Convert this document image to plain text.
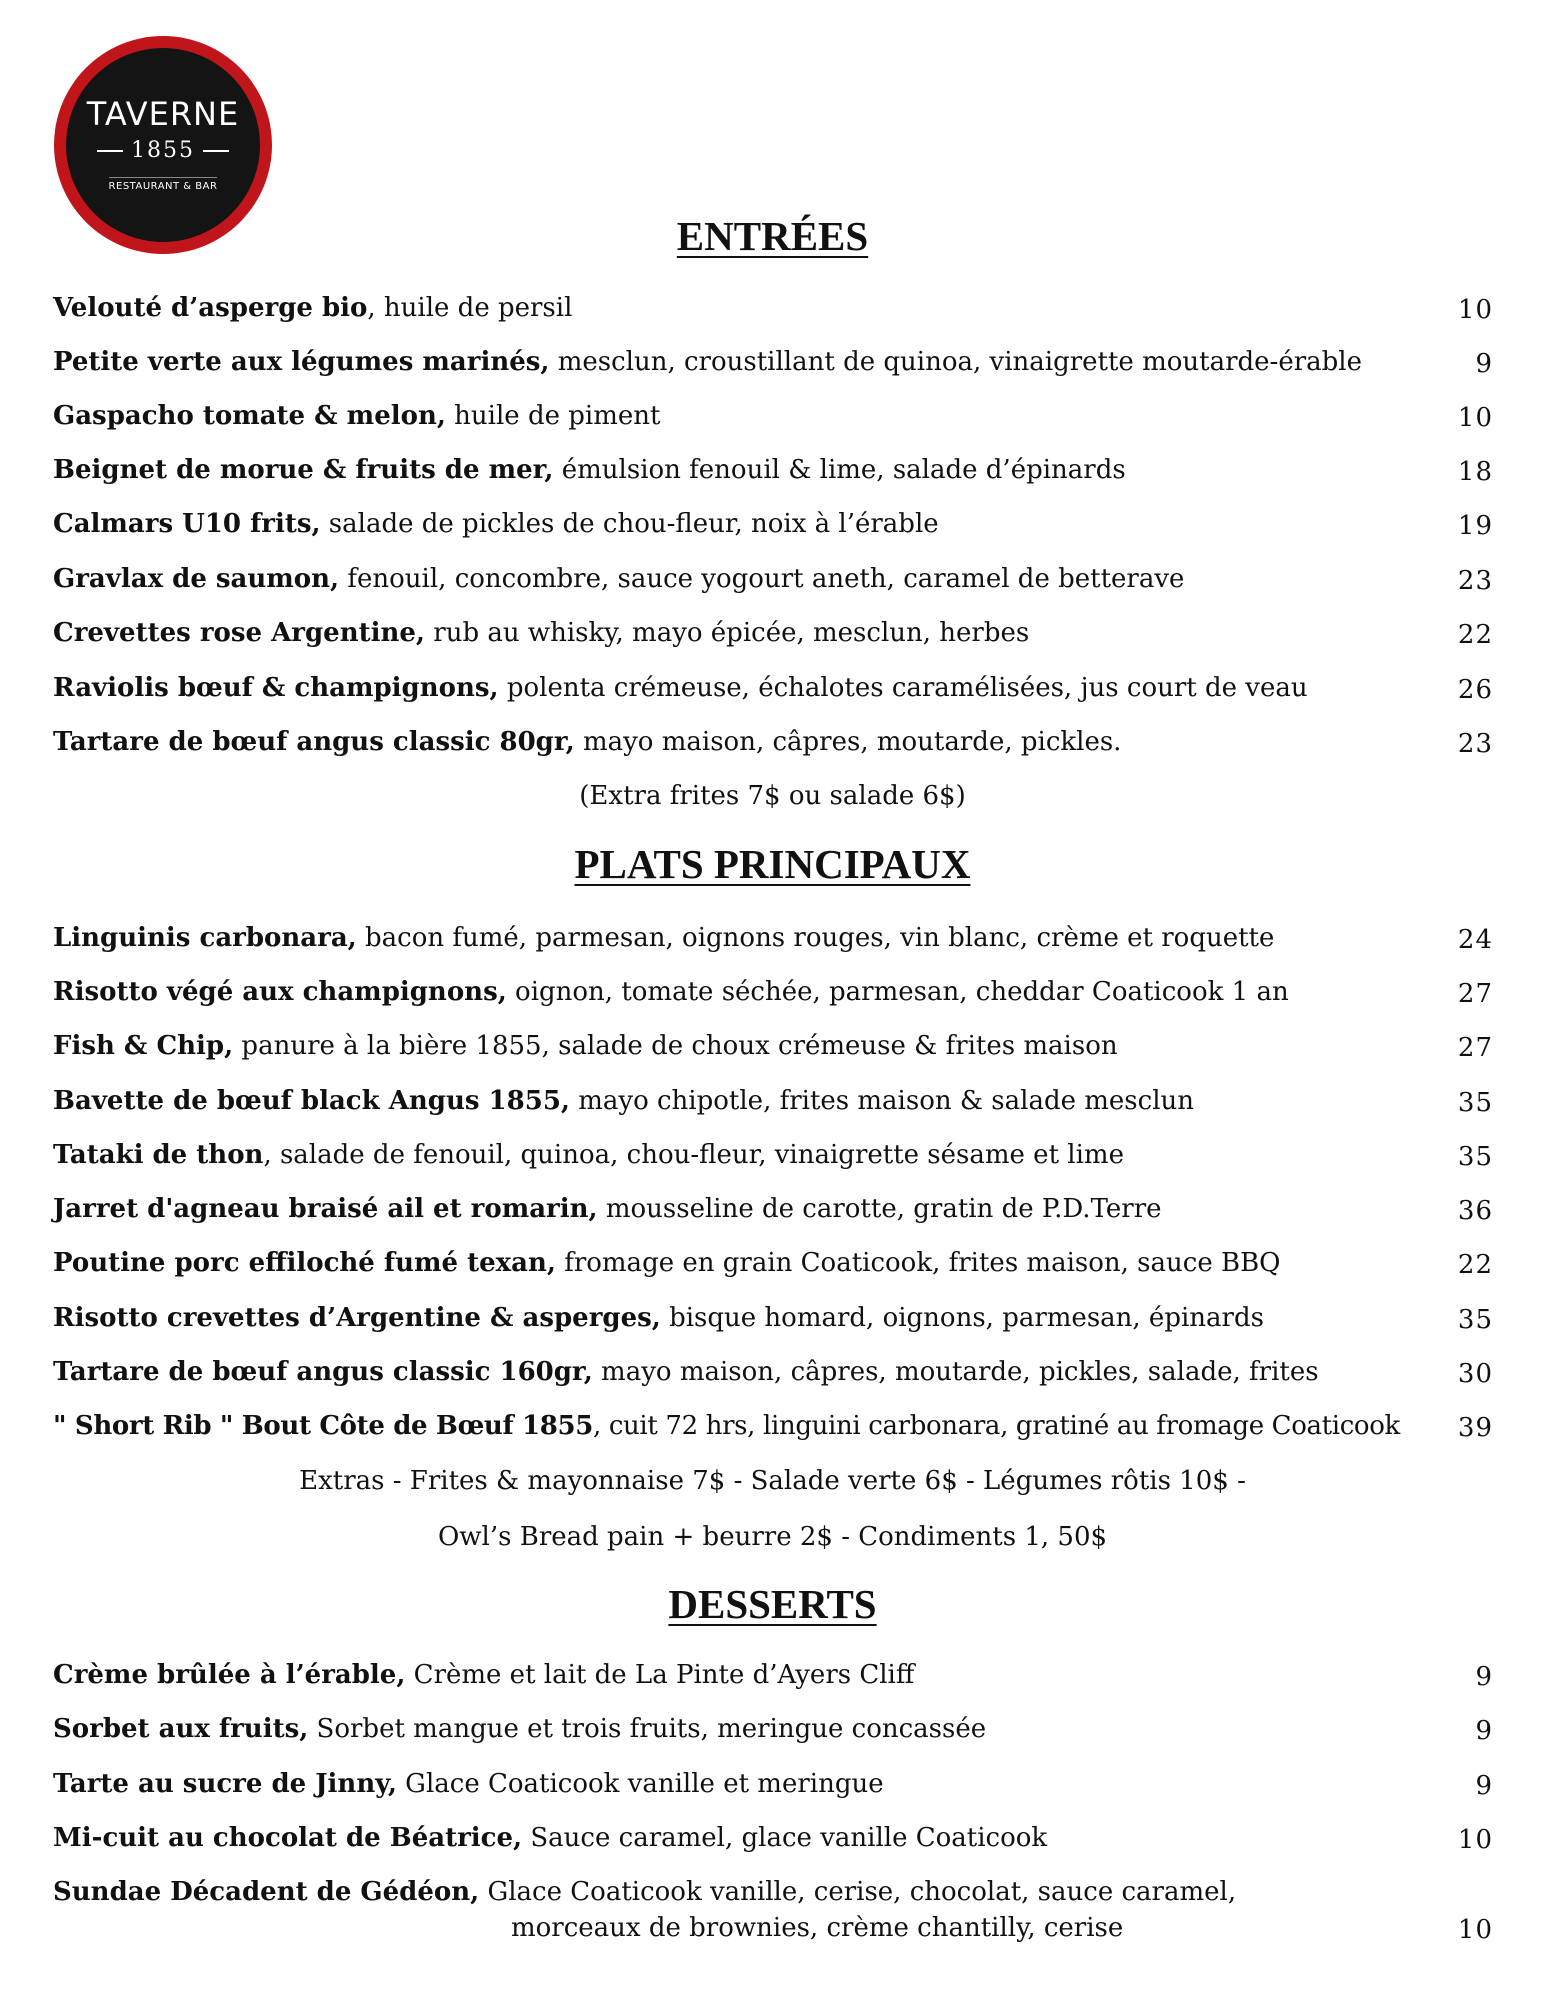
TAVERNE
1855
RESTAURANT & BAR
ENTRÉES
Velouté d’asperge bio, huile de persil	10
Petite verte aux légumes marinés, mesclun, croustillant de quinoa, vinaigrette moutarde-érable	9
Gaspacho tomate & melon, huile de piment	10
Beignet de morue & fruits de mer, émulsion fenouil & lime, salade d’épinards	18
Calmars U10 frits, salade de pickles de chou-fleur, noix à l’érable	19
Gravlax de saumon, fenouil, concombre, sauce yogourt aneth, caramel de betterave	23
Crevettes rose Argentine, rub au whisky, mayo épicée, mesclun, herbes	22
Raviolis bœuf & champignons, polenta crémeuse, échalotes caramélisées, jus court de veau	26
Tartare de bœuf angus classic 80gr, mayo maison, câpres, moutarde, pickles.	23
(Extra frites 7$ ou salade 6$)
PLATS PRINCIPAUX
Linguinis carbonara, bacon fumé, parmesan, oignons rouges, vin blanc, crème et roquette	24
Risotto végé aux champignons, oignon, tomate séchée, parmesan, cheddar Coaticook 1 an	27
Fish & Chip, panure à la bière 1855, salade de choux crémeuse & frites maison	27
Bavette de bœuf black Angus 1855, mayo chipotle, frites maison & salade mesclun	35
Tataki de thon, salade de fenouil, quinoa, chou-fleur, vinaigrette sésame et lime	35
Jarret d'agneau braisé ail et romarin, mousseline de carotte, gratin de P.D.Terre	36
Poutine porc effiloché fumé texan, fromage en grain Coaticook, frites maison, sauce BBQ	22
Risotto crevettes d’Argentine & asperges, bisque homard, oignons, parmesan, épinards	35
Tartare de bœuf angus classic 160gr, mayo maison, câpres, moutarde, pickles, salade, frites	30
" Short Rib " Bout Côte de Bœuf 1855, cuit 72 hrs, linguini carbonara, gratiné au fromage Coaticook 39
Extras - Frites & mayonnaise 7$ - Salade verte 6$ - Légumes rôtis 10$ -
Owl’s Bread pain + beurre 2$ - Condiments 1, 50$
DESSERTS
Crème brûlée à l’érable, Crème et lait de La Pinte d’Ayers Cliff	9
Sorbet aux fruits, Sorbet mangue et trois fruits, meringue concassée	9
Tarte au sucre de Jinny, Glace Coaticook vanille et meringue	9
Mi-cuit au chocolat de Béatrice, Sauce caramel, glace vanille Coaticook	10
Sundae Décadent de Gédéon, Glace Coaticook vanille, cerise, chocolat, sauce caramel,
morceaux de brownies, crème chantilly, cerise	10
